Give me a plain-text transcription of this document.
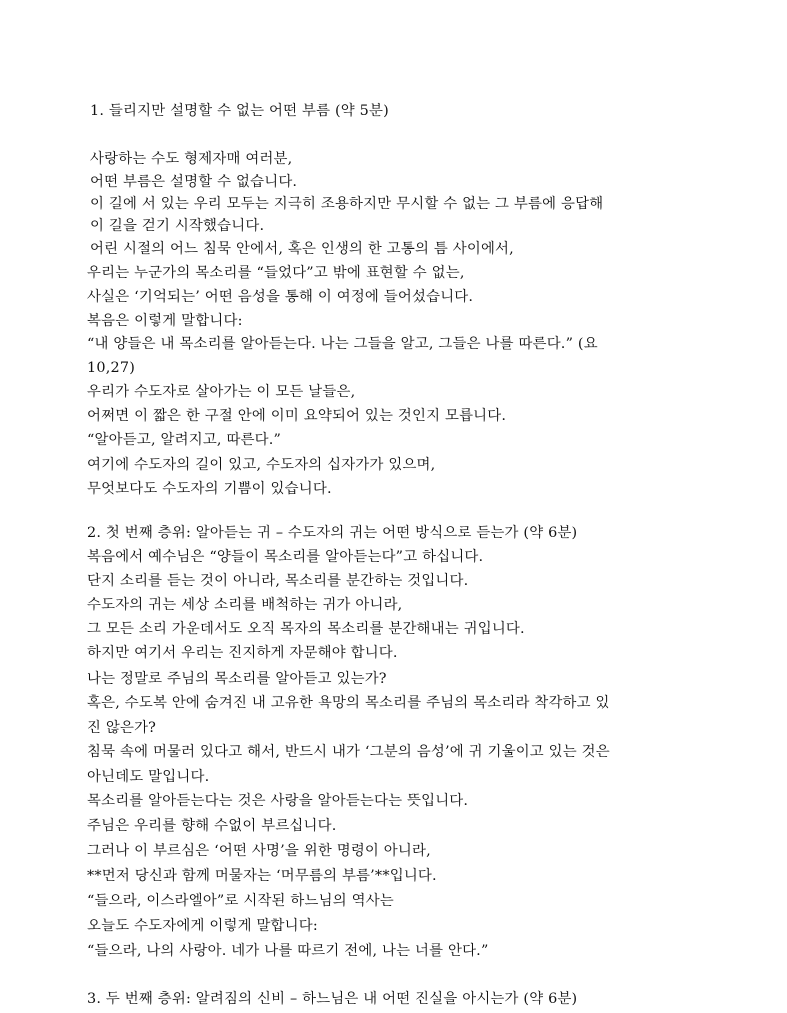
1. 들리지만 설명할 수 없는 어떤 부름 (약 5분)
사랑하는 수도 형제자매 여러분,
어떤 부름은 설명할 수 없습니다.
이 길에 서 있는 우리 모두는 지극히 조용하지만 무시할 수 없는 그 부름에 응답해
이 길을 걷기 시작했습니다.
어린 시절의 어느 침묵 안에서, 혹은 인생의 한 고통의 틈 사이에서,
우리는 누군가의 목소리를 “들었다”고 밖에 표현할 수 없는,
사실은 ‘기억되는’ 어떤 음성을 통해 이 여정에 들어섰습니다.
복음은 이렇게 말합니다:
“내 양들은 내 목소리를 알아듣는다. 나는 그들을 알고, 그들은 나를 따른다.” (요
10,27)
우리가 수도자로 살아가는 이 모든 날들은,
어쩌면 이 짧은 한 구절 안에 이미 요약되어 있는 것인지 모릅니다.
“알아듣고, 알려지고, 따른다.”
여기에 수도자의 길이 있고, 수도자의 십자가가 있으며,
무엇보다도 수도자의 기쁨이 있습니다.
2. 첫 번째 층위: 알아듣는 귀 – 수도자의 귀는 어떤 방식으로 듣는가 (약 6분)
복음에서 예수님은 “양들이 목소리를 알아듣는다”고 하십니다.
단지 소리를 듣는 것이 아니라, 목소리를 분간하는 것입니다.
수도자의 귀는 세상 소리를 배척하는 귀가 아니라,
그 모든 소리 가운데서도 오직 목자의 목소리를 분간해내는 귀입니다.
하지만 여기서 우리는 진지하게 자문해야 합니다.
나는 정말로 주님의 목소리를 알아듣고 있는가?
혹은, 수도복 안에 숨겨진 내 고유한 욕망의 목소리를 주님의 목소리라 착각하고 있
진 않은가?
침묵 속에 머물러 있다고 해서, 반드시 내가 ‘그분의 음성’에 귀 기울이고 있는 것은
아닌데도 말입니다.
목소리를 알아듣는다는 것은 사랑을 알아듣는다는 뜻입니다.
주님은 우리를 향해 수없이 부르십니다.
그러나 이 부르심은 ‘어떤 사명’을 위한 명령이 아니라,
**먼저 당신과 함께 머물자는 ‘머무름의 부름’**입니다.
“들으라, 이스라엘아”로 시작된 하느님의 역사는
오늘도 수도자에게 이렇게 말합니다:
“들으라, 나의 사랑아. 네가 나를 따르기 전에, 나는 너를 안다.”
3. 두 번째 층위: 알려짐의 신비 – 하느님은 내 어떤 진실을 아시는가 (약 6분)
